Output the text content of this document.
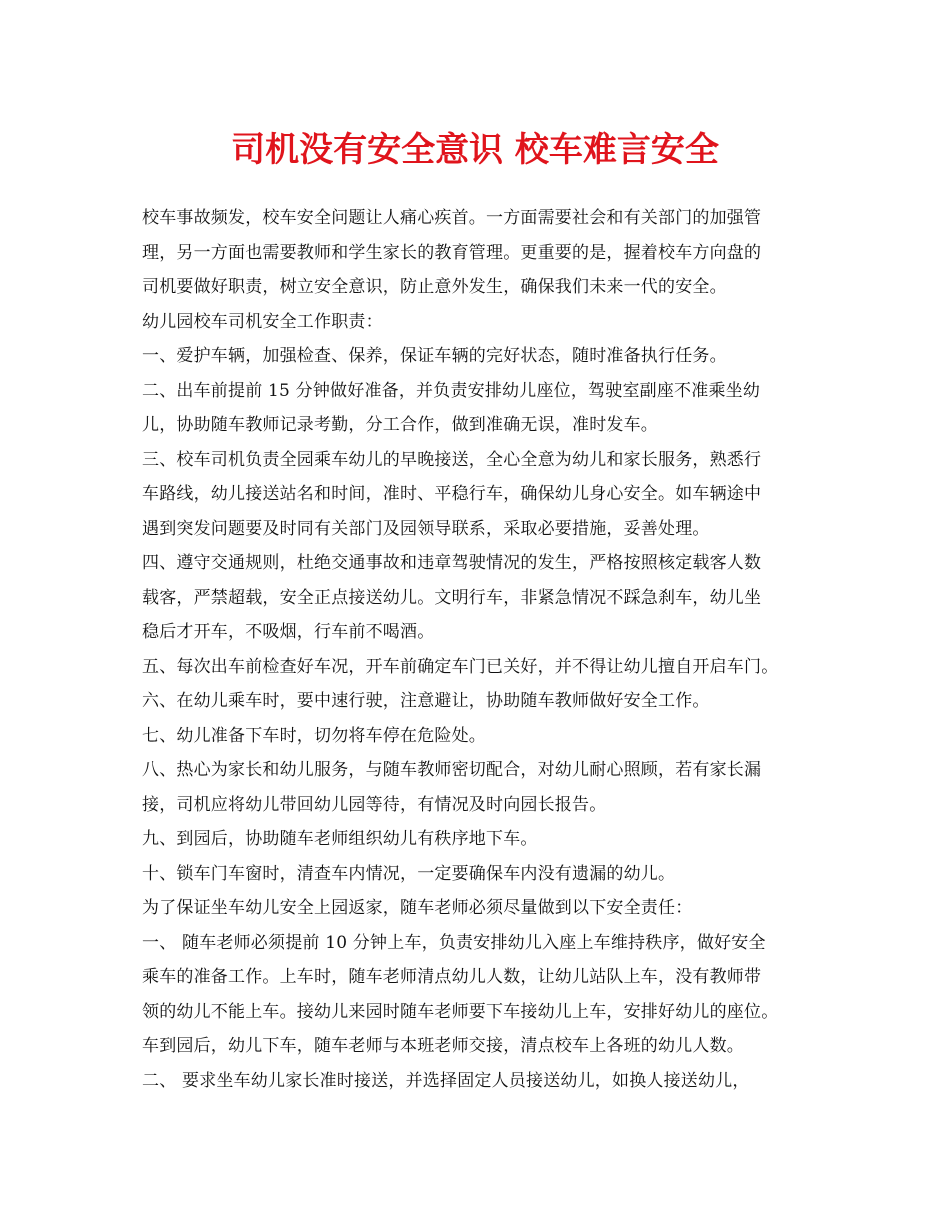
司机没有安全意识 校车难言安全
校车事故频发，校车安全问题让人痛心疾首。一方面需要社会和有关部门的加强管
理，另一方面也需要教师和学生家长的教育管理。更重要的是，握着校车方向盘的
司机要做好职责，树立安全意识，防止意外发生，确保我们未来一代的安全。
幼儿园校车司机安全工作职责：
一、爱护车辆，加强检查、保养，保证车辆的完好状态，随时准备执行任务。
二、出车前提前 15 分钟做好准备，并负责安排幼儿座位，驾驶室副座不准乘坐幼
儿，协助随车教师记录考勤，分工合作，做到准确无误，准时发车。
三、校车司机负责全园乘车幼儿的早晚接送，全心全意为幼儿和家长服务，熟悉行
车路线，幼儿接送站名和时间，准时、平稳行车，确保幼儿身心安全。如车辆途中
遇到突发问题要及时同有关部门及园领导联系，采取必要措施，妥善处理。
四、遵守交通规则，杜绝交通事故和违章驾驶情况的发生，严格按照核定载客人数
载客，严禁超载，安全正点接送幼儿。文明行车，非紧急情况不踩急刹车，幼儿坐
稳后才开车，不吸烟，行车前不喝酒。
五、每次出车前检查好车况，开车前确定车门已关好，并不得让幼儿擅自开启车门。
六、在幼儿乘车时，要中速行驶，注意避让，协助随车教师做好安全工作。
七、幼儿准备下车时，切勿将车停在危险处。
八、热心为家长和幼儿服务，与随车教师密切配合，对幼儿耐心照顾，若有家长漏
接，司机应将幼儿带回幼儿园等待，有情况及时向园长报告。
九、到园后，协助随车老师组织幼儿有秩序地下车。
十、锁车门车窗时，清查车内情况，一定要确保车内没有遗漏的幼儿。
为了保证坐车幼儿安全上园返家，随车老师必须尽量做到以下安全责任：
一、 随车老师必须提前 10 分钟上车，负责安排幼儿入座上车维持秩序，做好安全
乘车的准备工作。上车时，随车老师清点幼儿人数，让幼儿站队上车，没有教师带
领的幼儿不能上车。接幼儿来园时随车老师要下车接幼儿上车，安排好幼儿的座位。
车到园后，幼儿下车，随车老师与本班老师交接，清点校车上各班的幼儿人数。
二、 要求坐车幼儿家长准时接送，并选择固定人员接送幼儿，如换人接送幼儿，
